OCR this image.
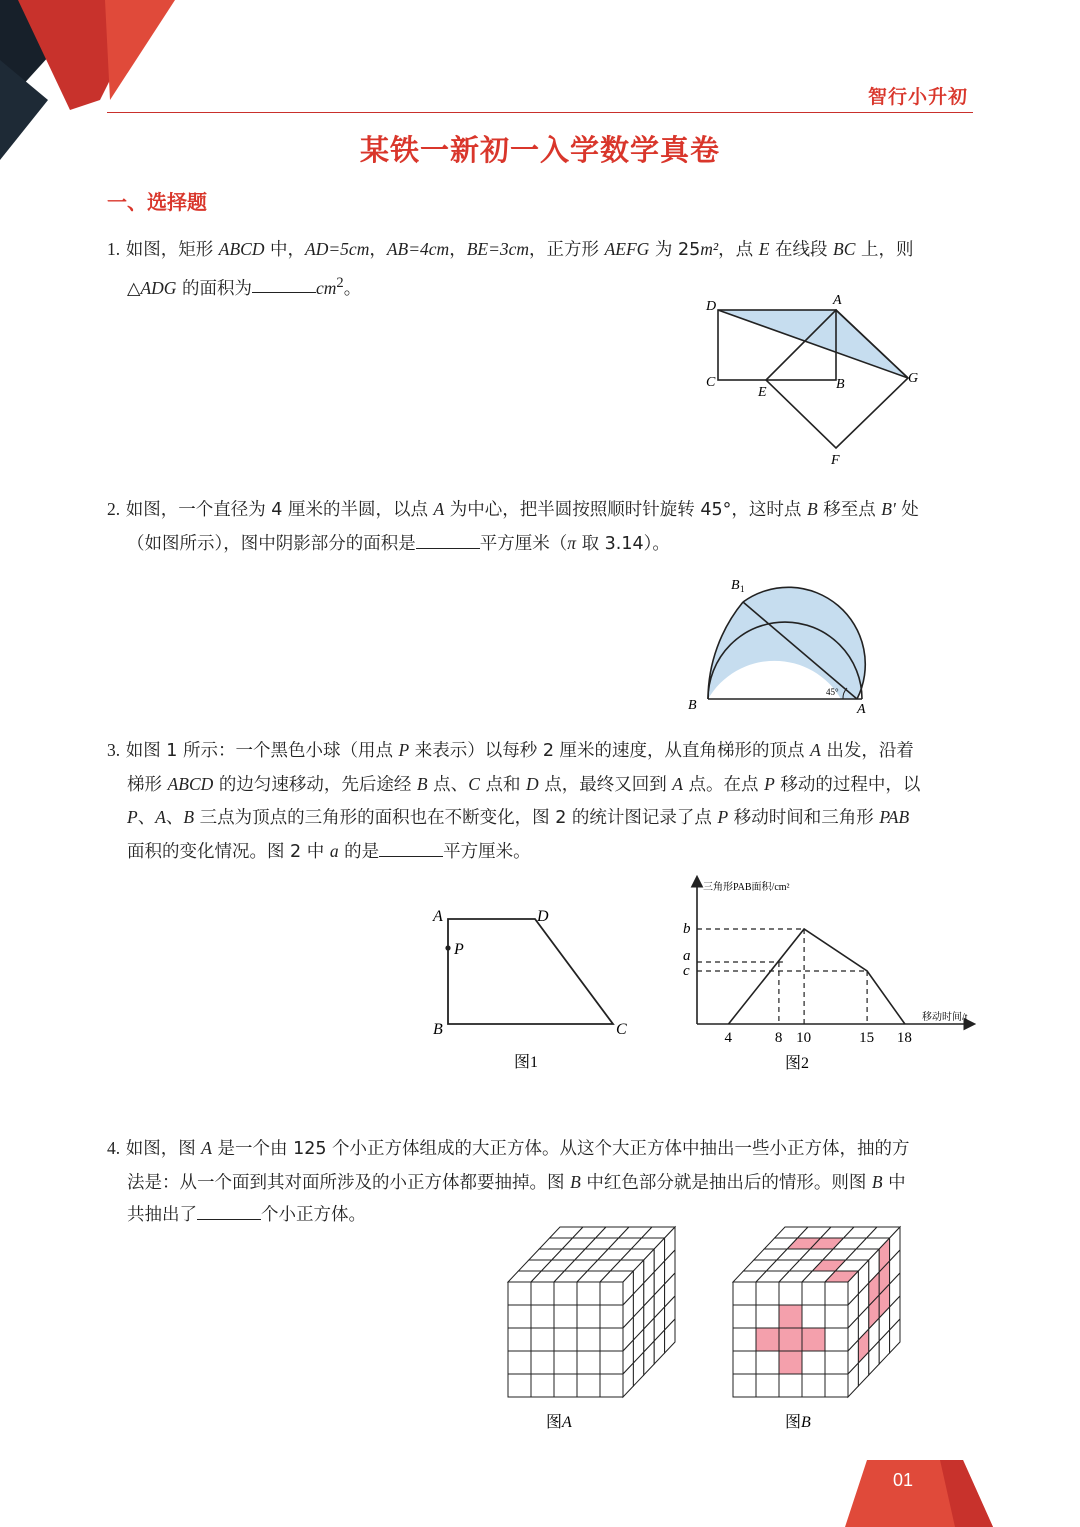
智行小升初
某铁一新初一入学数学真卷
一、选择题

1. 如图，矩形 ABCD 中，AD=5cm，AB=4cm，BE=3cm，正方形 AEFG 为 25m²，点 E 在线段 BC 上，则

△ADG 的面积为	$cm^2$。

D	A
C
E
B	G
F

2. 如图，一个直径为 4 厘米的半圆，以点 A 为中心，把半圆按照顺时针旋转 45°，这时点 B 移至点 B' 处

（如图所示），图中阴影部分的面积是	平方厘米（π 取 3.14）。

B 1
B	A
45°

3. 如图 1 所示：一个黑色小球（用点 P 来表示）以每秒 2 厘米的速度，从直角梯形的顶点 A 出发，沿着

梯形 ABCD 的边匀速移动，先后途经 B 点、C 点和 D 点，最终又回到 A 点。在点 P 移动的过程中，以

P、A、B 三点为顶点的三角形的面积也在不断变化，图 2 的统计图记录了点 P 移动时间和三角形 PAB

面积的变化情况。图 2 中 a 的是	平方厘米。

A	D
P
B	C
图1
三角形PAB面积/cm²
移动时间/t
图2
4	8 10	15 18
b
a
c

4. 如图，图 A 是一个由 125 个小正方体组成的大正方体。从这个大正方体中抽出一些小正方体，抽的方

法是：从一个面到其对面所涉及的小正方体都要抽掉。图 B 中红色部分就是抽出后的情形。则图 B 中

共抽出了	个小正方体。

图A	图B
01
